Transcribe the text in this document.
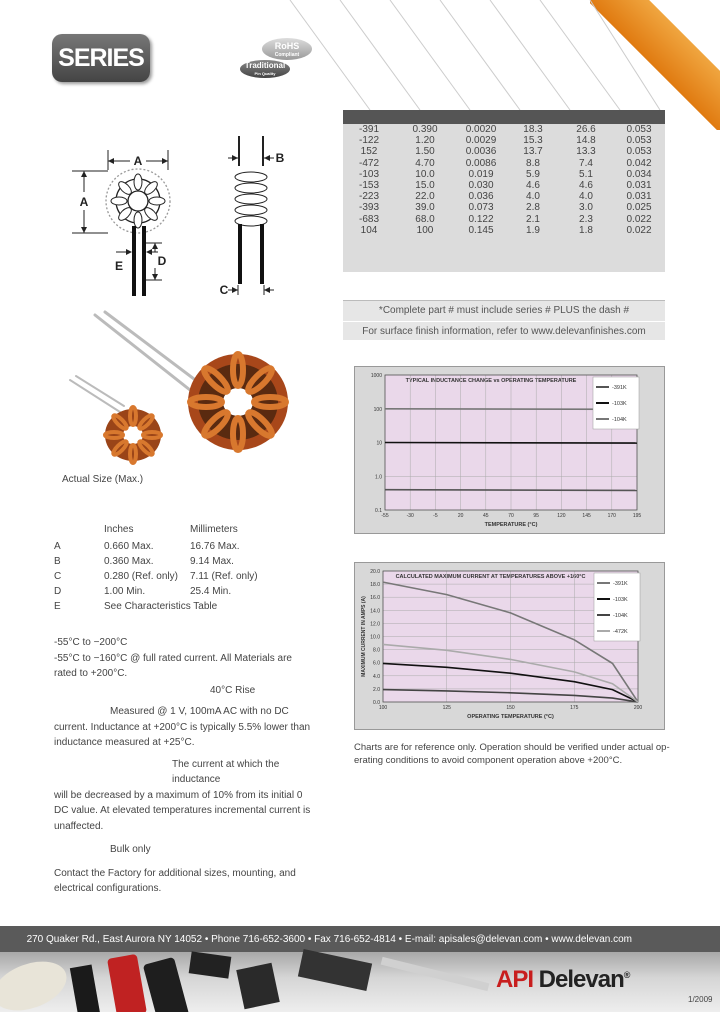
SERIES	RoHS
Compliant
Traditional
Pin Quality
A
A
E	D
B
C
Actual Size (Max.)
-391	0.390	0.0020	18.3	26.6	0.053
-122	1.20	0.0029	15.3	14.8	0.053
152	1.50	0.0036	13.7	13.3	0.053
-472	4.70	0.0086	8.8	7.4	0.042
-103	10.0	0.019	5.9	5.1	0.034
-153	15.0	0.030	4.6	4.6	0.031
-223	22.0	0.036	4.0	4.0	0.031
-393	39.0	0.073	2.8	3.0	0.025
-683	68.0	0.122	2.1	2.3	0.022
104	100	0.145	1.9	1.8	0.022
*Complete part # must include series # PLUS the dash #
For surface finish information, refer to www.delevanfinishes.com
Inches	Millimeters
A	0.660 Max.	16.76 Max.
B	0.360 Max.	9.14 Max.
C	0.280 (Ref. only) 7.11 (Ref. only)
D	1.00 Min.	25.4 Min.
E	See Characteristics Table
-55°C to −200°C
-55°C to −160°C @ full rated current. All Materials are
rated to +200°C.
40°C Rise
Measured @ 1 V, 100mA AC with no DC
current. Inductance at +200°C is typically 5.5% lower than
inductance measured at +25°C.
The current at which the inductance
will be decreased by a maximum of 10% from its initial 0
DC value. At elevated temperatures incremental current is
unaffected.
Bulk only
Contact the Factory for additional sizes, mounting, and
electrical configurations.
TYPICAL INDUCTANCE CHANGE vs OPERATING TEMPERATURE
TEMPERATURE (°C)
1000
100
10
1.0
0.1
-55	-30	-5	20	45	70	95	120	145	170	195
-391K
-103K
-104K
CALCULATED MAXIMUM CURRENT AT TEMPERATURES ABOVE +160°C
OPERATING TEMPERATURE (°C)
MAXIMUM CURRENT IN AMPS (A)
0.0
2.0
4.0
6.0
8.0
10.0
12.0
14.0
16.0
18.0
20.0
100	125	150	175	200
-391K
-103K
-104K
-472K
Charts are for reference only. Operation should be verified under actual op-
erating conditions to avoid component operation above +200°C.
270 Quaker Rd., East Aurora NY 14052 • Phone 716-652-3600 • Fax 716-652-4814 • E-mail: apisales@delevan.com • www.delevan.com
API Delevan®
1/2009
